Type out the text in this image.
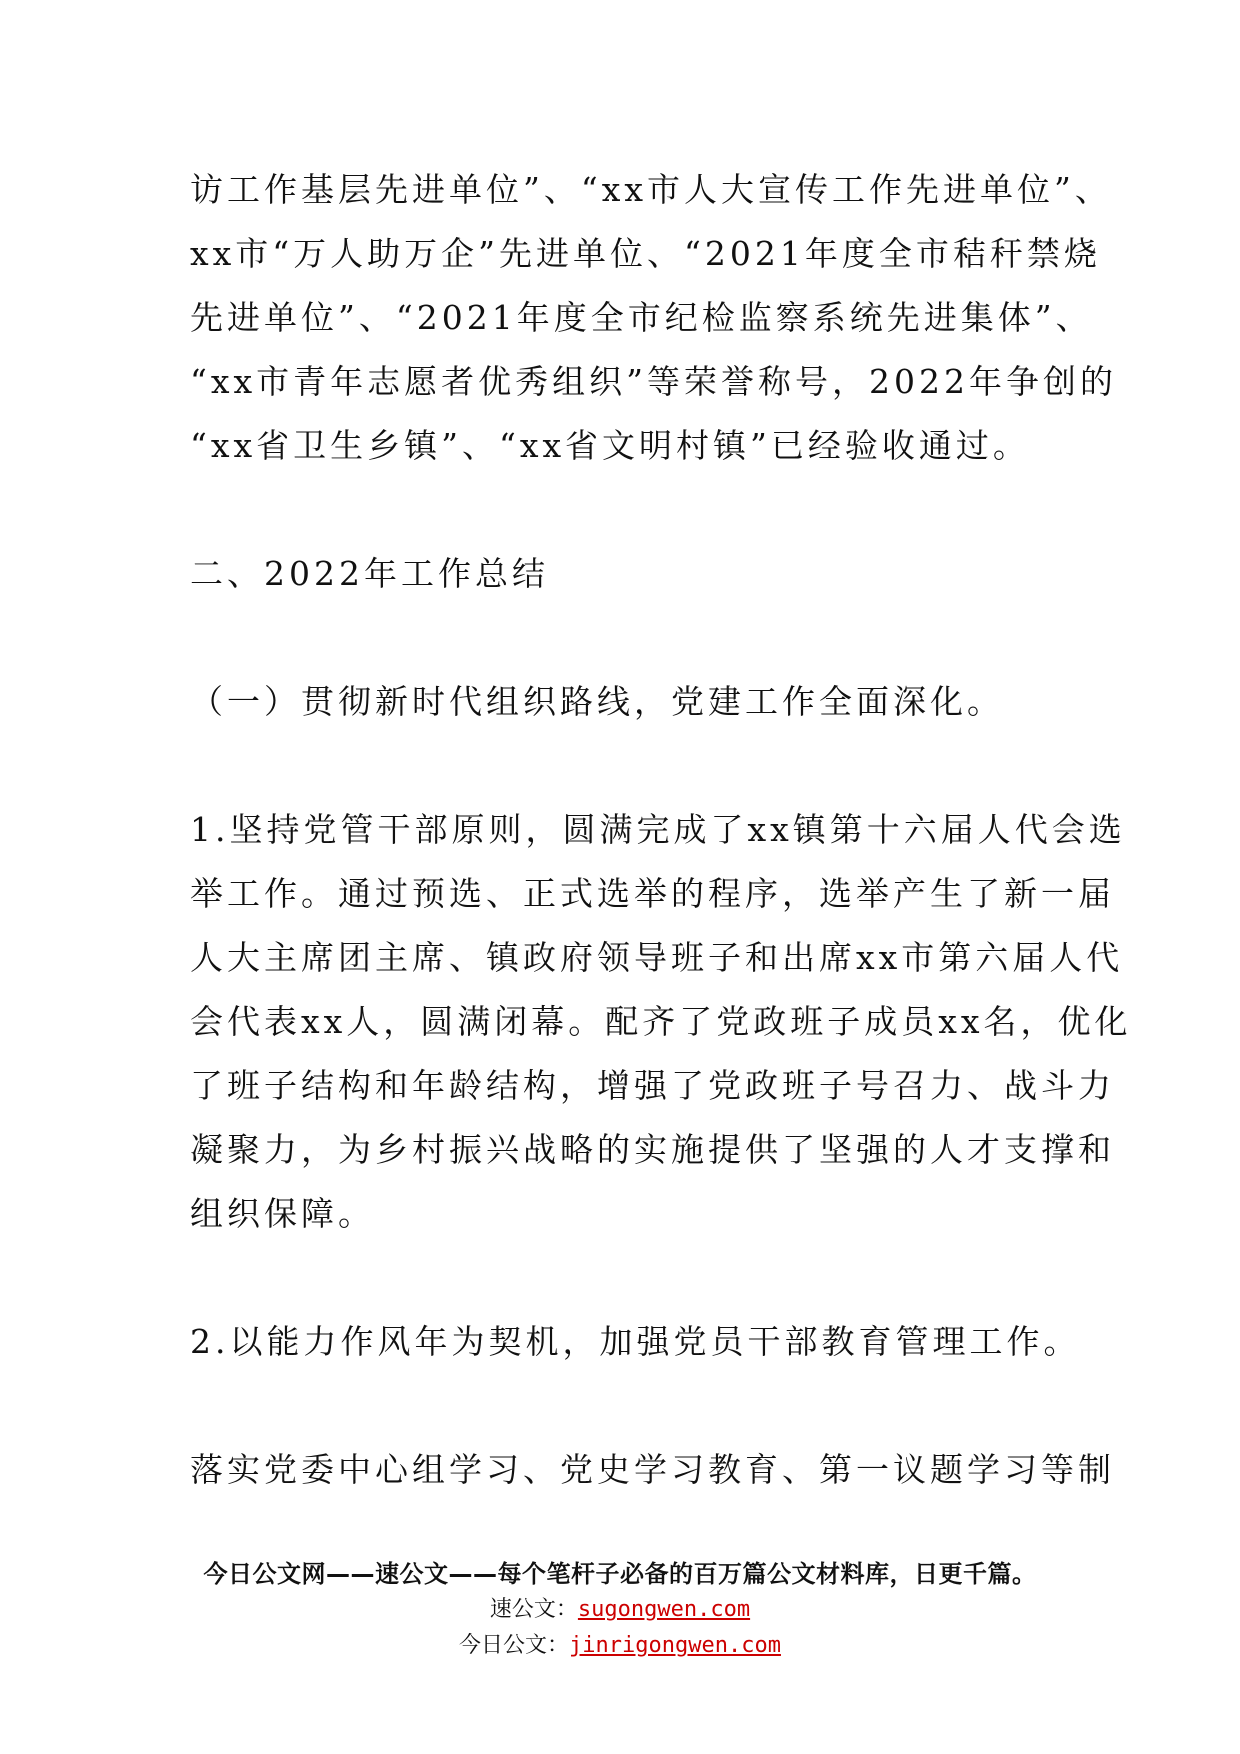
访工作基层先进单位”、“xx市人大宣传工作先进单位”、
xx市“万人助万企”先进单位、“2021年度全市秸秆禁烧
先进单位”、“2021年度全市纪检监察系统先进集体”、
“xx市青年志愿者优秀组织”等荣誉称号，2022年争创的
“xx省卫生乡镇”、“xx省文明村镇”已经验收通过。

二、2022年工作总结

（一）贯彻新时代组织路线，党建工作全面深化。

1.坚持党管干部原则，圆满完成了xx镇第十六届人代会选
举工作。通过预选、正式选举的程序，选举产生了新一届
人大主席团主席、镇政府领导班子和出席xx市第六届人代
会代表xx人，圆满闭幕。配齐了党政班子成员xx名，优化
了班子结构和年龄结构，增强了党政班子号召力、战斗力
凝聚力，为乡村振兴战略的实施提供了坚强的人才支撑和
组织保障。

2.以能力作风年为契机，加强党员干部教育管理工作。

落实党委中心组学习、党史学习教育、第一议题学习等制

今日公文网——速公文——每个笔杆子必备的百万篇公文材料库，日更千篇。
速公文：sugongwen.com
今日公文：jinrigongwen.com
